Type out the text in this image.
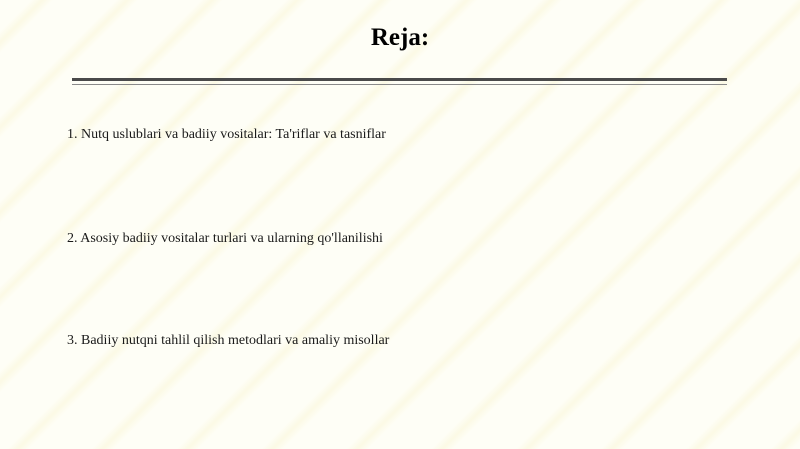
Reja:
1. Nutq uslublari va badiiy vositalar: Ta'riflar va tasniflar
2. Asosiy badiiy vositalar turlari va ularning qo'llanilishi
3. Badiiy nutqni tahlil qilish metodlari va amaliy misollar
